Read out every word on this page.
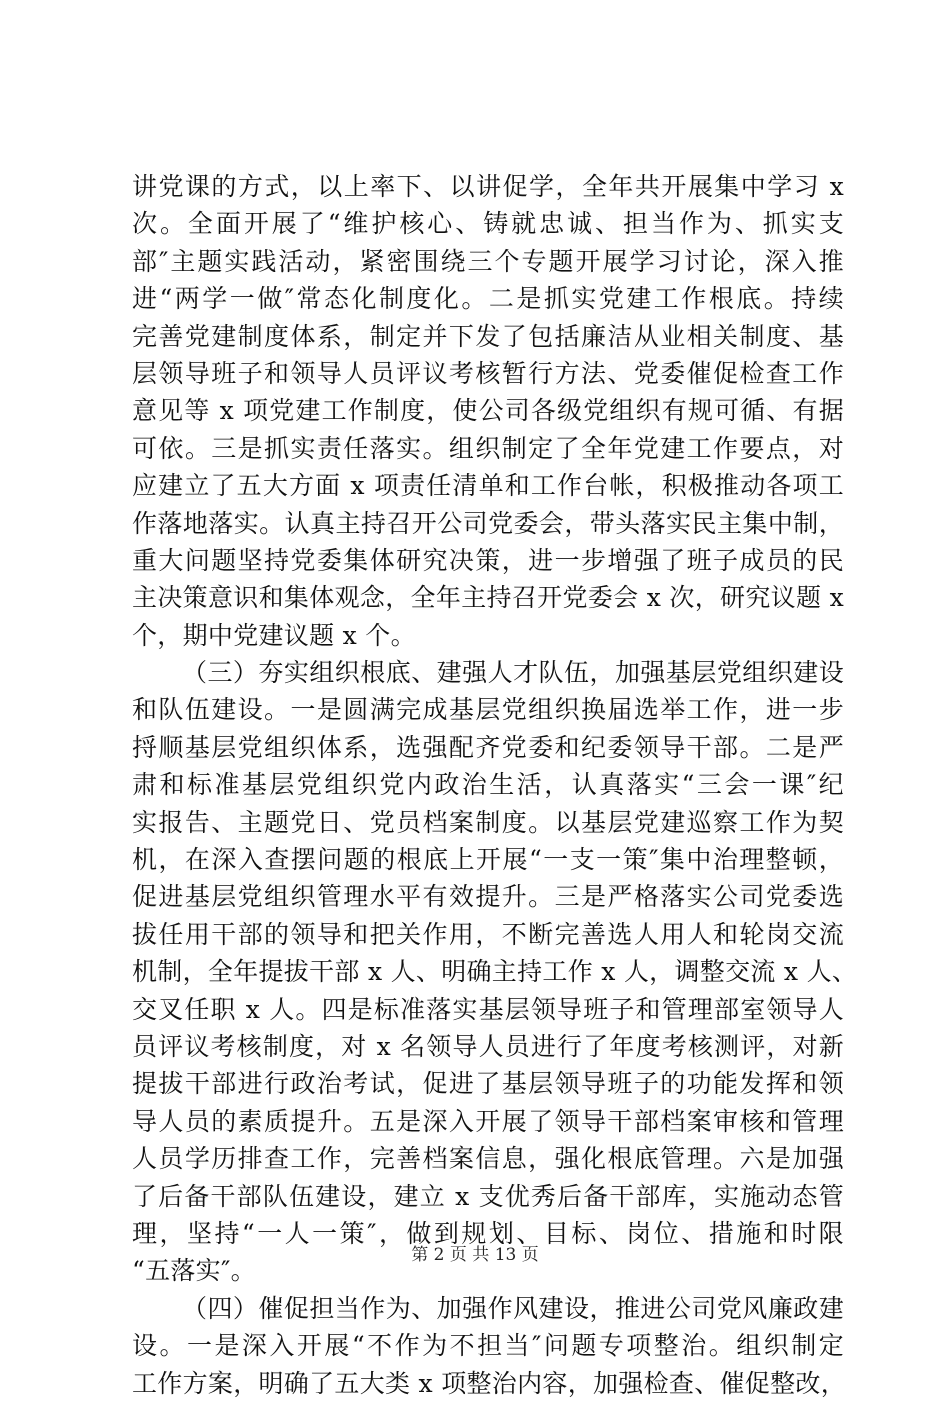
讲党课的方式，以上率下、以讲促学，全年共开展集中学习 x
次。全面开展了“维护核心、铸就忠诚、担当作为、抓实支
部″主题实践活动，紧密围绕三个专题开展学习讨论，深入推
进“两学一做″常态化制度化。二是抓实党建工作根底。持续
完善党建制度体系，制定并下发了包括廉洁从业相关制度、基
层领导班子和领导人员评议考核暂行方法、党委催促检查工作
意见等 x 项党建工作制度，使公司各级党组织有规可循、有据
可依。三是抓实责任落实。组织制定了全年党建工作要点，对
应建立了五大方面 x 项责任清单和工作台帐，积极推动各项工
作落地落实。认真主持召开公司党委会，带头落实民主集中制，
重大问题坚持党委集体研究决策，进一步增强了班子成员的民
主决策意识和集体观念，全年主持召开党委会 x 次，研究议题 x
个，期中党建议题 x 个。
（三）夯实组织根底、建强人才队伍，加强基层党组织建设
和队伍建设。一是圆满完成基层党组织换届选举工作，进一步
捋顺基层党组织体系，选强配齐党委和纪委领导干部。二是严
肃和标准基层党组织党内政治生活，认真落实“三会一课″纪
实报告、主题党日、党员档案制度。以基层党建巡察工作为契
机，在深入查摆问题的根底上开展“一支一策″集中治理整顿，
促进基层党组织管理水平有效提升。三是严格落实公司党委选
拔任用干部的领导和把关作用，不断完善选人用人和轮岗交流
机制，全年提拔干部 x 人、明确主持工作 x 人，调整交流 x 人、
交叉任职 x 人。四是标准落实基层领导班子和管理部室领导人
员评议考核制度，对 x 名领导人员进行了年度考核测评，对新
提拔干部进行政治考试，促进了基层领导班子的功能发挥和领
导人员的素质提升。五是深入开展了领导干部档案审核和管理
人员学历排查工作，完善档案信息，强化根底管理。六是加强
了后备干部队伍建设，建立 x 支优秀后备干部库，实施动态管
理，坚持“一人一策″，做到规划、目标、岗位、措施和时限
“五落实″。
（四）催促担当作为、加强作风建设，推进公司党风廉政建
设。一是深入开展“不作为不担当″问题专项整治。组织制定
工作方案，明确了五大类 x 项整治内容，加强检查、催促整改，
第 2 页 共 13 页
